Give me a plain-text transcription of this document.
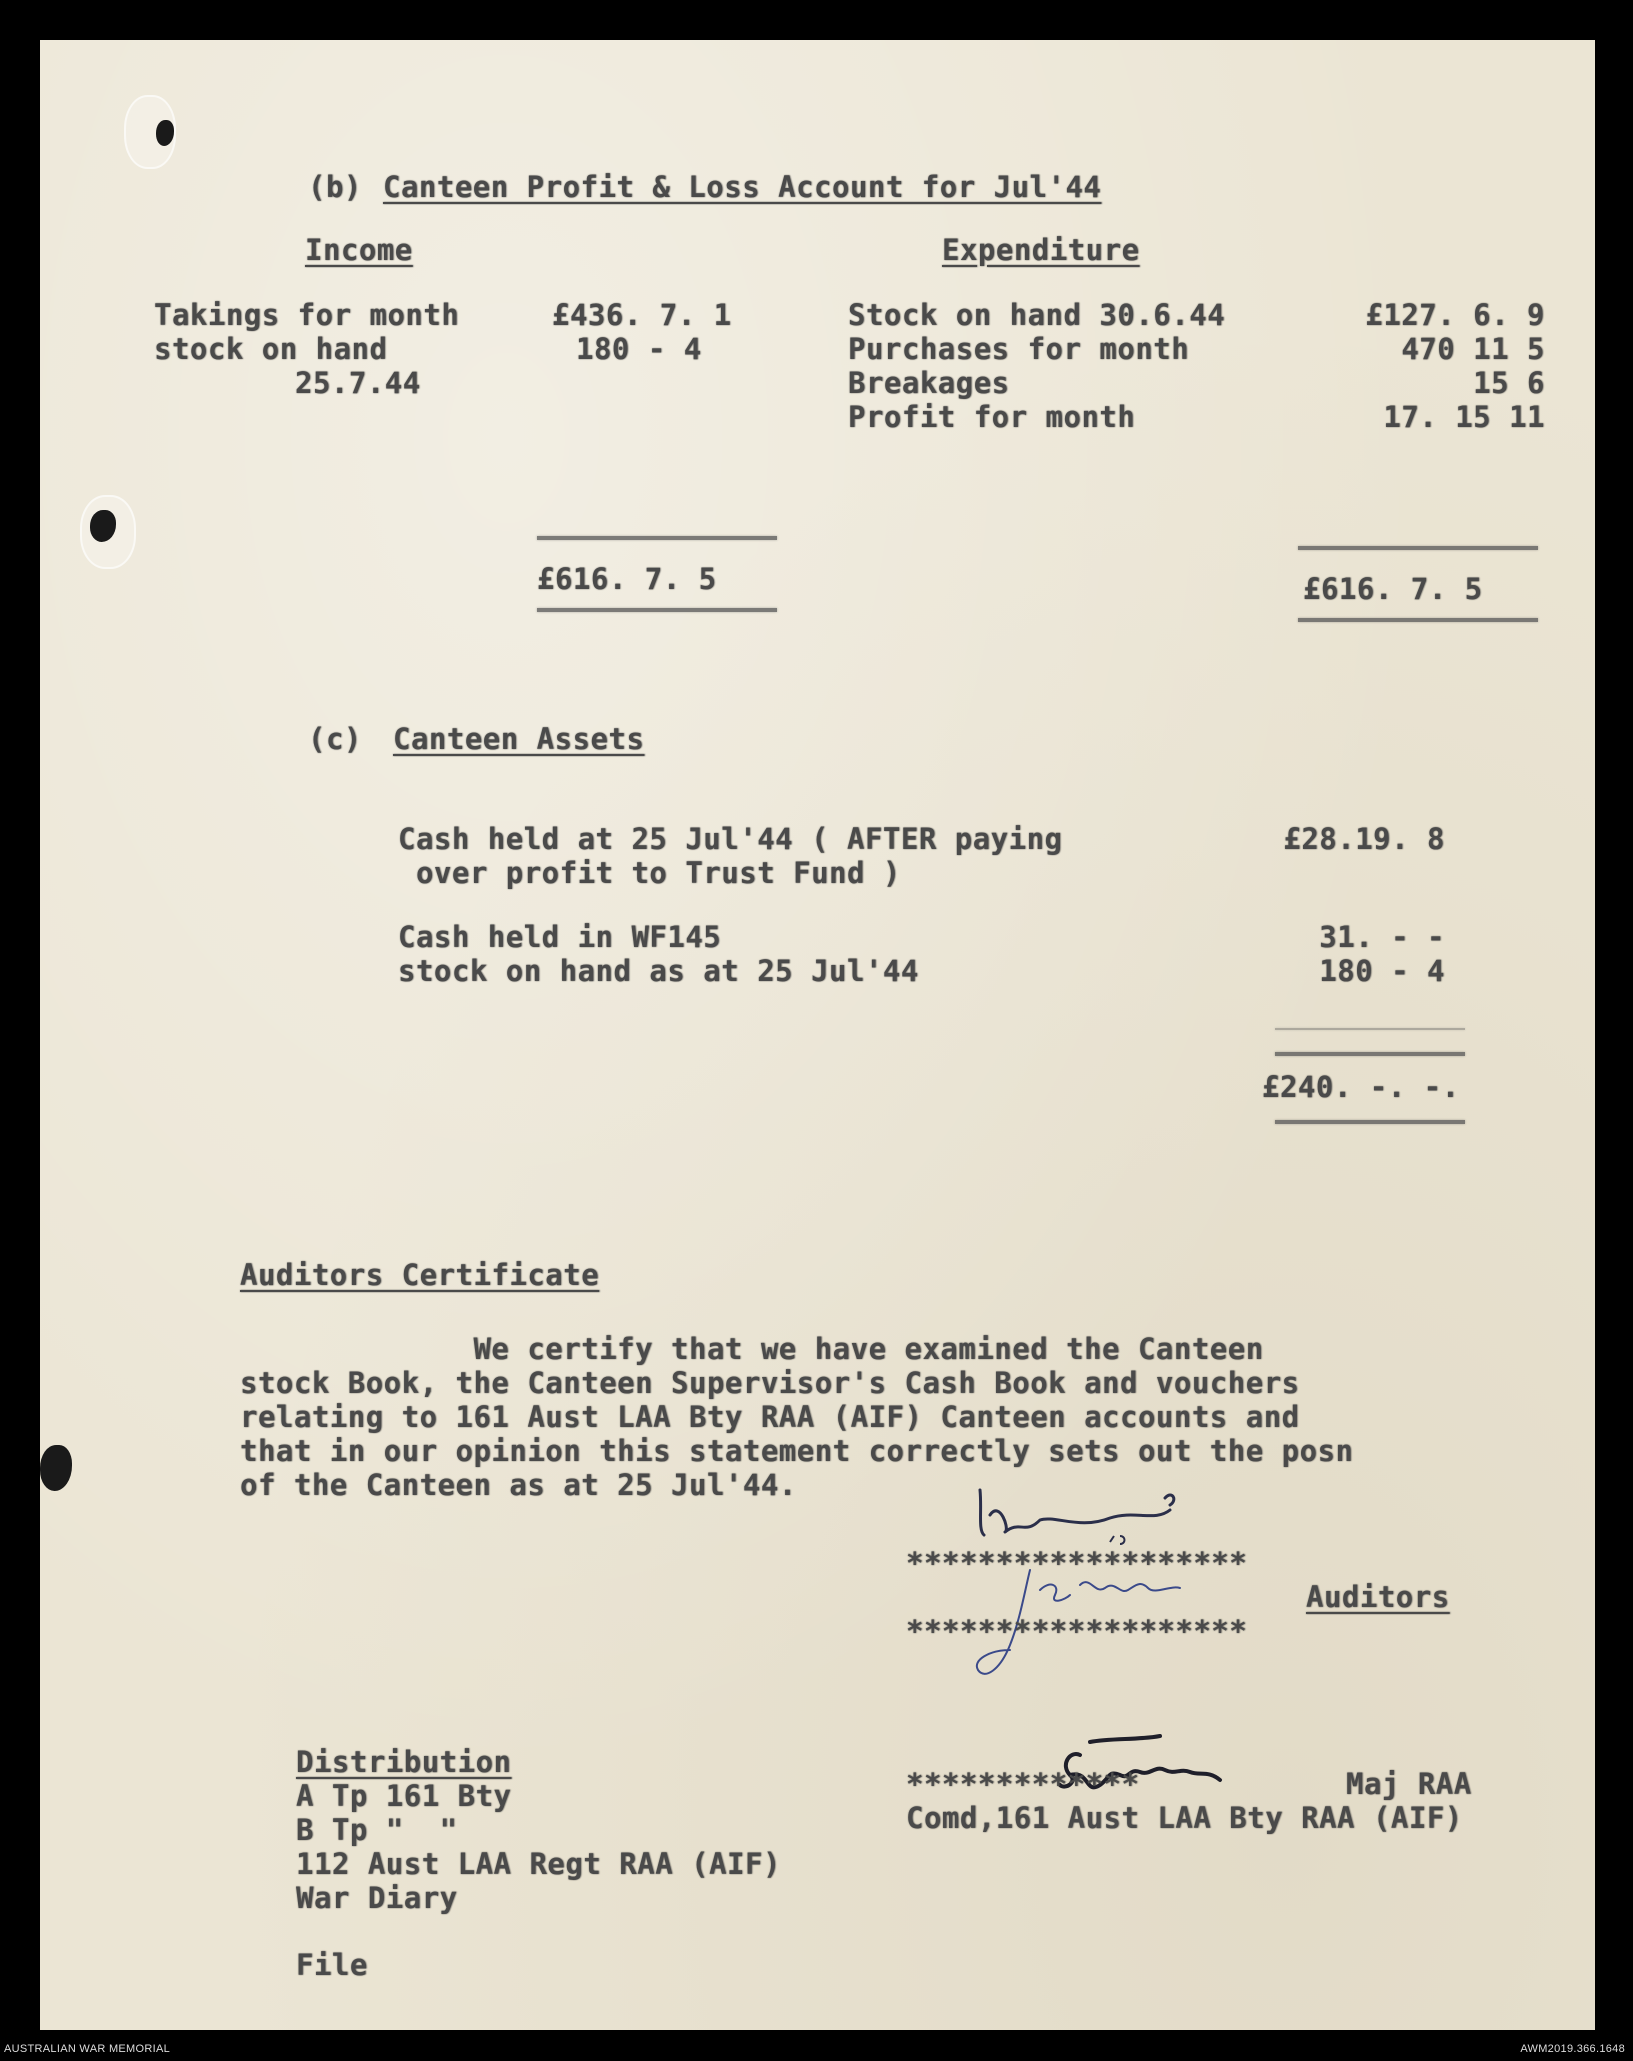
(b) Canteen Profit & Loss Account for Jul'44
Income	Expenditure
Takings for month	£436. 7. 1
stock on hand	180 - 4
25.7.44
Stock on hand 30.6.44	£127. 6. 9
Purchases for month	470 11 5
Breakages	15 6
Profit for month	17. 15 11
£616. 7. 5	£616. 7. 5
(c) Canteen Assets
Cash held at 25 Jul'44 ( AFTER paying	£28.19. 8
over profit to Trust Fund )
Cash held in WF145	31. - -
stock on hand as at 25 Jul'44	180 - 4
£240. -. -.
Auditors Certificate
We certify that we have examined the Canteen
stock Book, the Canteen Supervisor's Cash Book and vouchers
relating to 161 Aust LAA Bty RAA (AIF) Canteen accounts and
that in our opinion this statement correctly sets out the posn
of the Canteen as at 25 Jul'44.
*******************
Auditors
*******************
Distribution
A Tp 161 Bty
B Tp "  "
112 Aust LAA Regt RAA (AIF)
War Diary
File
*************	Maj RAA
Comd,161 Aust LAA Bty RAA (AIF)
AUSTRALIAN WAR MEMORIAL	AWM2019.366.1648
